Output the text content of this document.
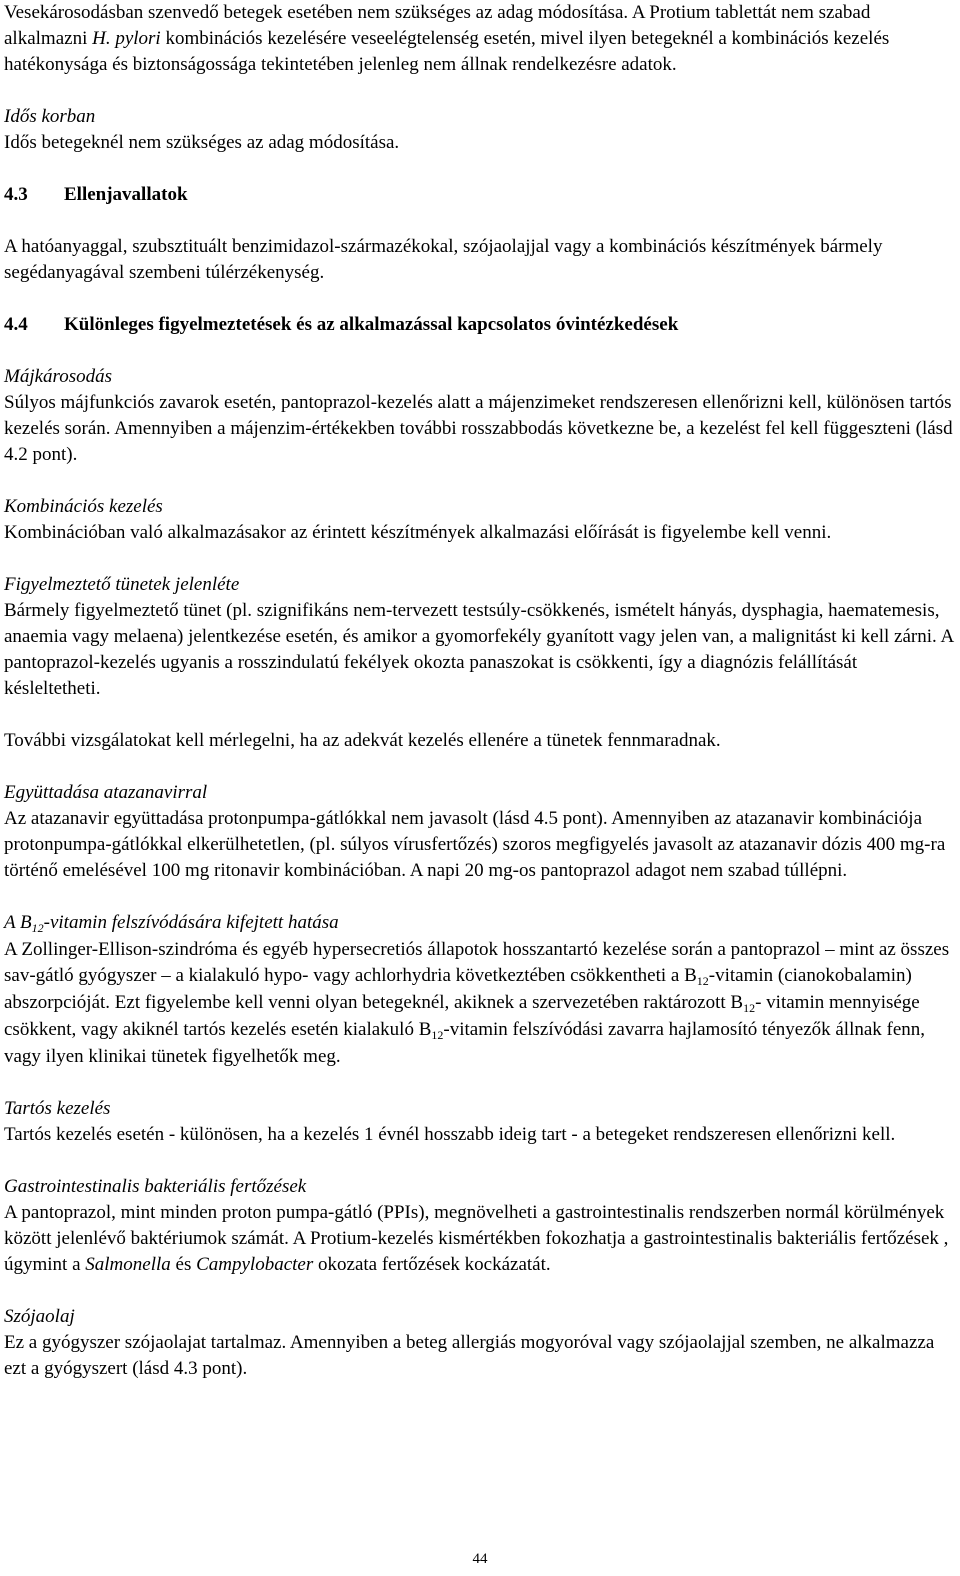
Vesekárosodásban szenvedő betegek esetében nem szükséges az adag módosítása. A Protium tablettát nem szabad alkalmazni H. pylori kombinációs kezelésére veseelégtelenség esetén, mivel ilyen betegeknél a kombinációs kezelés hatékonysága és biztonságossága tekintetében jelenleg nem állnak rendelkezésre adatok.

Idős korban

Idős betegeknél nem szükséges az adag módosítása.

4.3	Ellenjavallatok

A hatóanyaggal, szubsztituált benzimidazol-származékokal, szójaolajjal vagy a kombinációs készítmények bármely segédanyagával szembeni túlérzékenység.

4.4	Különleges figyelmeztetések és az alkalmazással kapcsolatos óvintézkedések

Májkárosodás

Súlyos májfunkciós zavarok esetén, pantoprazol-kezelés alatt a májenzimeket rendszeresen ellenőrizni kell, különösen tartós kezelés során. Amennyiben a májenzim-értékekben további rosszabbodás következne be, a kezelést fel kell függeszteni (lásd 4.2 pont).

Kombinációs kezelés

Kombinációban való alkalmazásakor az érintett készítmények alkalmazási előírását is figyelembe kell venni.

Figyelmeztető tünetek jelenléte

Bármely figyelmeztető tünet (pl. szignifikáns nem-tervezett testsúly-csökkenés, ismételt hányás, dysphagia, haematemesis, anaemia vagy melaena) jelentkezése esetén, és amikor a gyomorfekély gyanított vagy jelen van, a malignitást ki kell zárni. A pantoprazol-kezelés ugyanis a rosszindulatú fekélyek okozta panaszokat is csökkenti, így a diagnózis felállítását késleltetheti.

További vizsgálatokat kell mérlegelni, ha az adekvát kezelés ellenére a tünetek fennmaradnak.

Együttadása atazanavirral

Az atazanavir együttadása protonpumpa-gátlókkal nem javasolt (lásd 4.5 pont). Amennyiben az atazanavir kombinációja protonpumpa-gátlókkal elkerülhetetlen, (pl. súlyos vírusfertőzés) szoros megfigyelés javasolt az atazanavir dózis 400 mg-ra történő emelésével 100 mg ritonavir kombinációban. A napi 20 mg-os pantoprazol adagot nem szabad túllépni.

A $B_{12}$-vitamin felszívódására kifejtett hatása

A Zollinger-Ellison-szindróma és egyéb hypersecretiós állapotok hosszantartó kezelése során a pantoprazol – mint az összes sav-gátló gyógyszer – a kialakuló hypo- vagy achlorhydria következtében csökkentheti a $B_{12}$-vitamin (cianokobalamin) abszorpcióját. Ezt figyelembe kell venni olyan betegeknél, akiknek a szervezetében raktározott $B_{12}-$ vitamin mennyisége csökkent, vagy akiknél tartós kezelés esetén kialakuló $B_{12}$-vitamin felszívódási zavarra hajlamosító tényezők állnak fenn, vagy ilyen klinikai tünetek figyelhetők meg.

Tartós kezelés

Tartós kezelés esetén - különösen, ha a kezelés 1 évnél hosszabb ideig tart - a betegeket rendszeresen ellenőrizni kell.

Gastrointestinalis bakteriális fertőzések

A pantoprazol, mint minden proton pumpa-gátló (PPIs), megnövelheti a gastrointestinalis rendszerben normál körülmények között jelenlévő baktériumok számát. A Protium-kezelés kismértékben fokozhatja a gastrointestinalis bakteriális fertőzések , úgymint a Salmonella és Campylobacter okozata fertőzések kockázatát.

Szójaolaj

Ez a gyógyszer szójaolajat tartalmaz. Amennyiben a beteg allergiás mogyoróval vagy szójaolajjal szemben, ne alkalmazza ezt a gyógyszert (lásd 4.3 pont).

44
